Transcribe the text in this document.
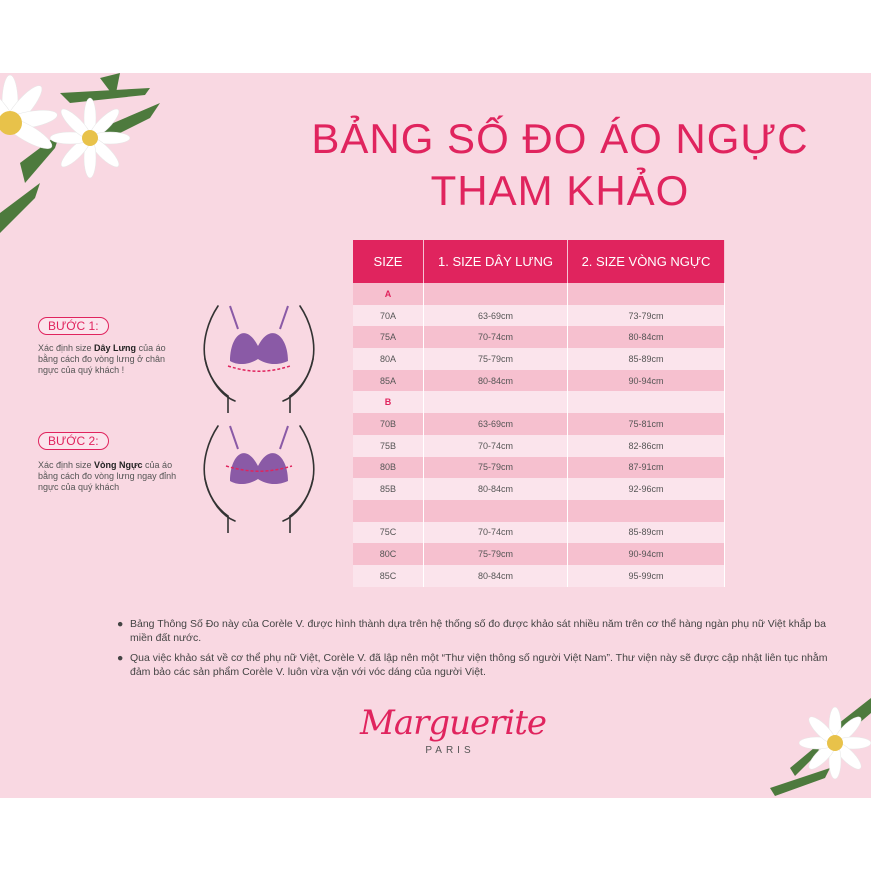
BẢNG SỐ ĐO ÁO NGỰC
THAM KHẢO
BƯỚC 1:
Xác định size Dây Lưng của áo bằng cách đo vòng lưng ở chân ngực của quý khách !
BƯỚC 2:
Xác định size Vòng Ngực của áo bằng cách đo vòng lưng ngay đỉnh ngực của quý khách
SIZE	1. SIZE DÂY LƯNG	2. SIZE VÒNG NGỰC
A		
70A	63-69cm	73-79cm
75A	70-74cm	80-84cm
80A	75-79cm	85-89cm
85A	80-84cm	90-94cm
B		
70B	63-69cm	75-81cm
75B	70-74cm	82-86cm
80B	75-79cm	87-91cm
85B	80-84cm	92-96cm

75C	70-74cm	85-89cm
80C	75-79cm	90-94cm
85C	80-84cm	95-99cm
● Bảng Thông Số Đo này của Corèle V. được hình thành dựa trên hệ thống số đo được khảo sát nhiều năm trên cơ thể hàng ngàn phụ nữ Việt khắp ba miền đất nước.
● Qua việc khảo sát về cơ thể phụ nữ Việt, Corèle V. đã lập nên một “Thư viện thông số người Việt Nam”. Thư viện này sẽ được cập nhật liên tục nhằm đảm bảo các sản phẩm Corèle V. luôn vừa vặn với vóc dáng của người Việt.
Marguerite
PARIS
